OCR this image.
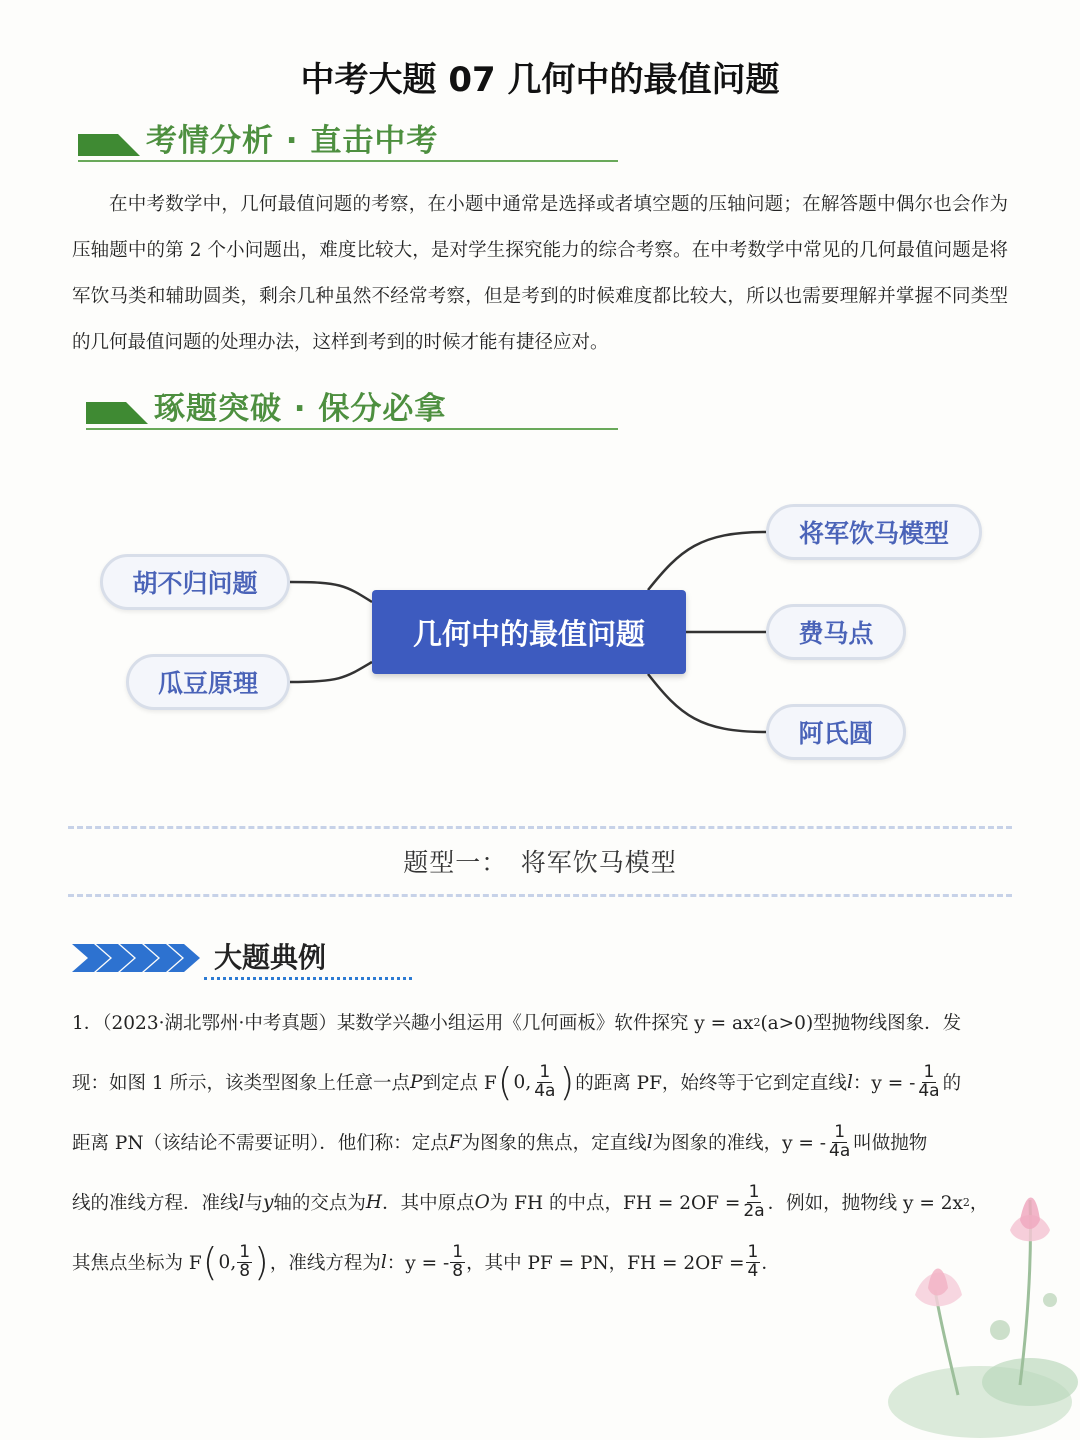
中考大题 07 几何中的最值问题
考情分析 · 直击中考

在中考数学中，几何最值问题的考察，在小题中通常是选择或者填空题的压轴问题；在解答题中偶尔也会作为压轴题中的第 2 个小问题出，难度比较大，是对学生探究能力的综合考察。在中考数学中常见的几何最值问题是将军饮马类和辅助圆类，剩余几种虽然不经常考察，但是考到的时候难度都比较大，所以也需要理解并掌握不同类型的几何最值问题的处理办法，这样到考到的时候才能有捷径应对。

琢题突破 · 保分必拿
几何中的最值问题
胡不归问题
瓜豆原理
将军饮马模型
费马点
阿氏圆
题型一：　将军饮马模型
大题典例
1．（2023·湖北鄂州·中考真题）某数学兴趣小组运用《几何画板》软件探究 y = ax 2 (a>0)型抛物线图象．发
现：如图 1 所示，该类型图象上任意一点 P 到定点 F ( 0, $\frac{1}{4a}$ ) 的距离 PF，始终等于它到定直线 l ：y = - $\frac{1}{4a}$ 的
距离 PN（该结论不需要证明）．他们称：定点 F 为图象的焦点，定直线 l 为图象的准线，y = - $\frac{1}{4a}$ 叫做抛物
线的准线方程．准线 l 与 y 轴的交点为 H ．其中原点 O 为 FH 的中点，FH = $2OF = \frac{1}{2a}$ ．例如，抛物线 y = 2x 2 ，
其焦点坐标为 F ( 0, $\frac{1}{8}$ ) ，准线方程为 l ：y = - $\frac{1}{8}$ ，其中 PF = PN，FH = $2OF = \frac{1}{4}$ ．
